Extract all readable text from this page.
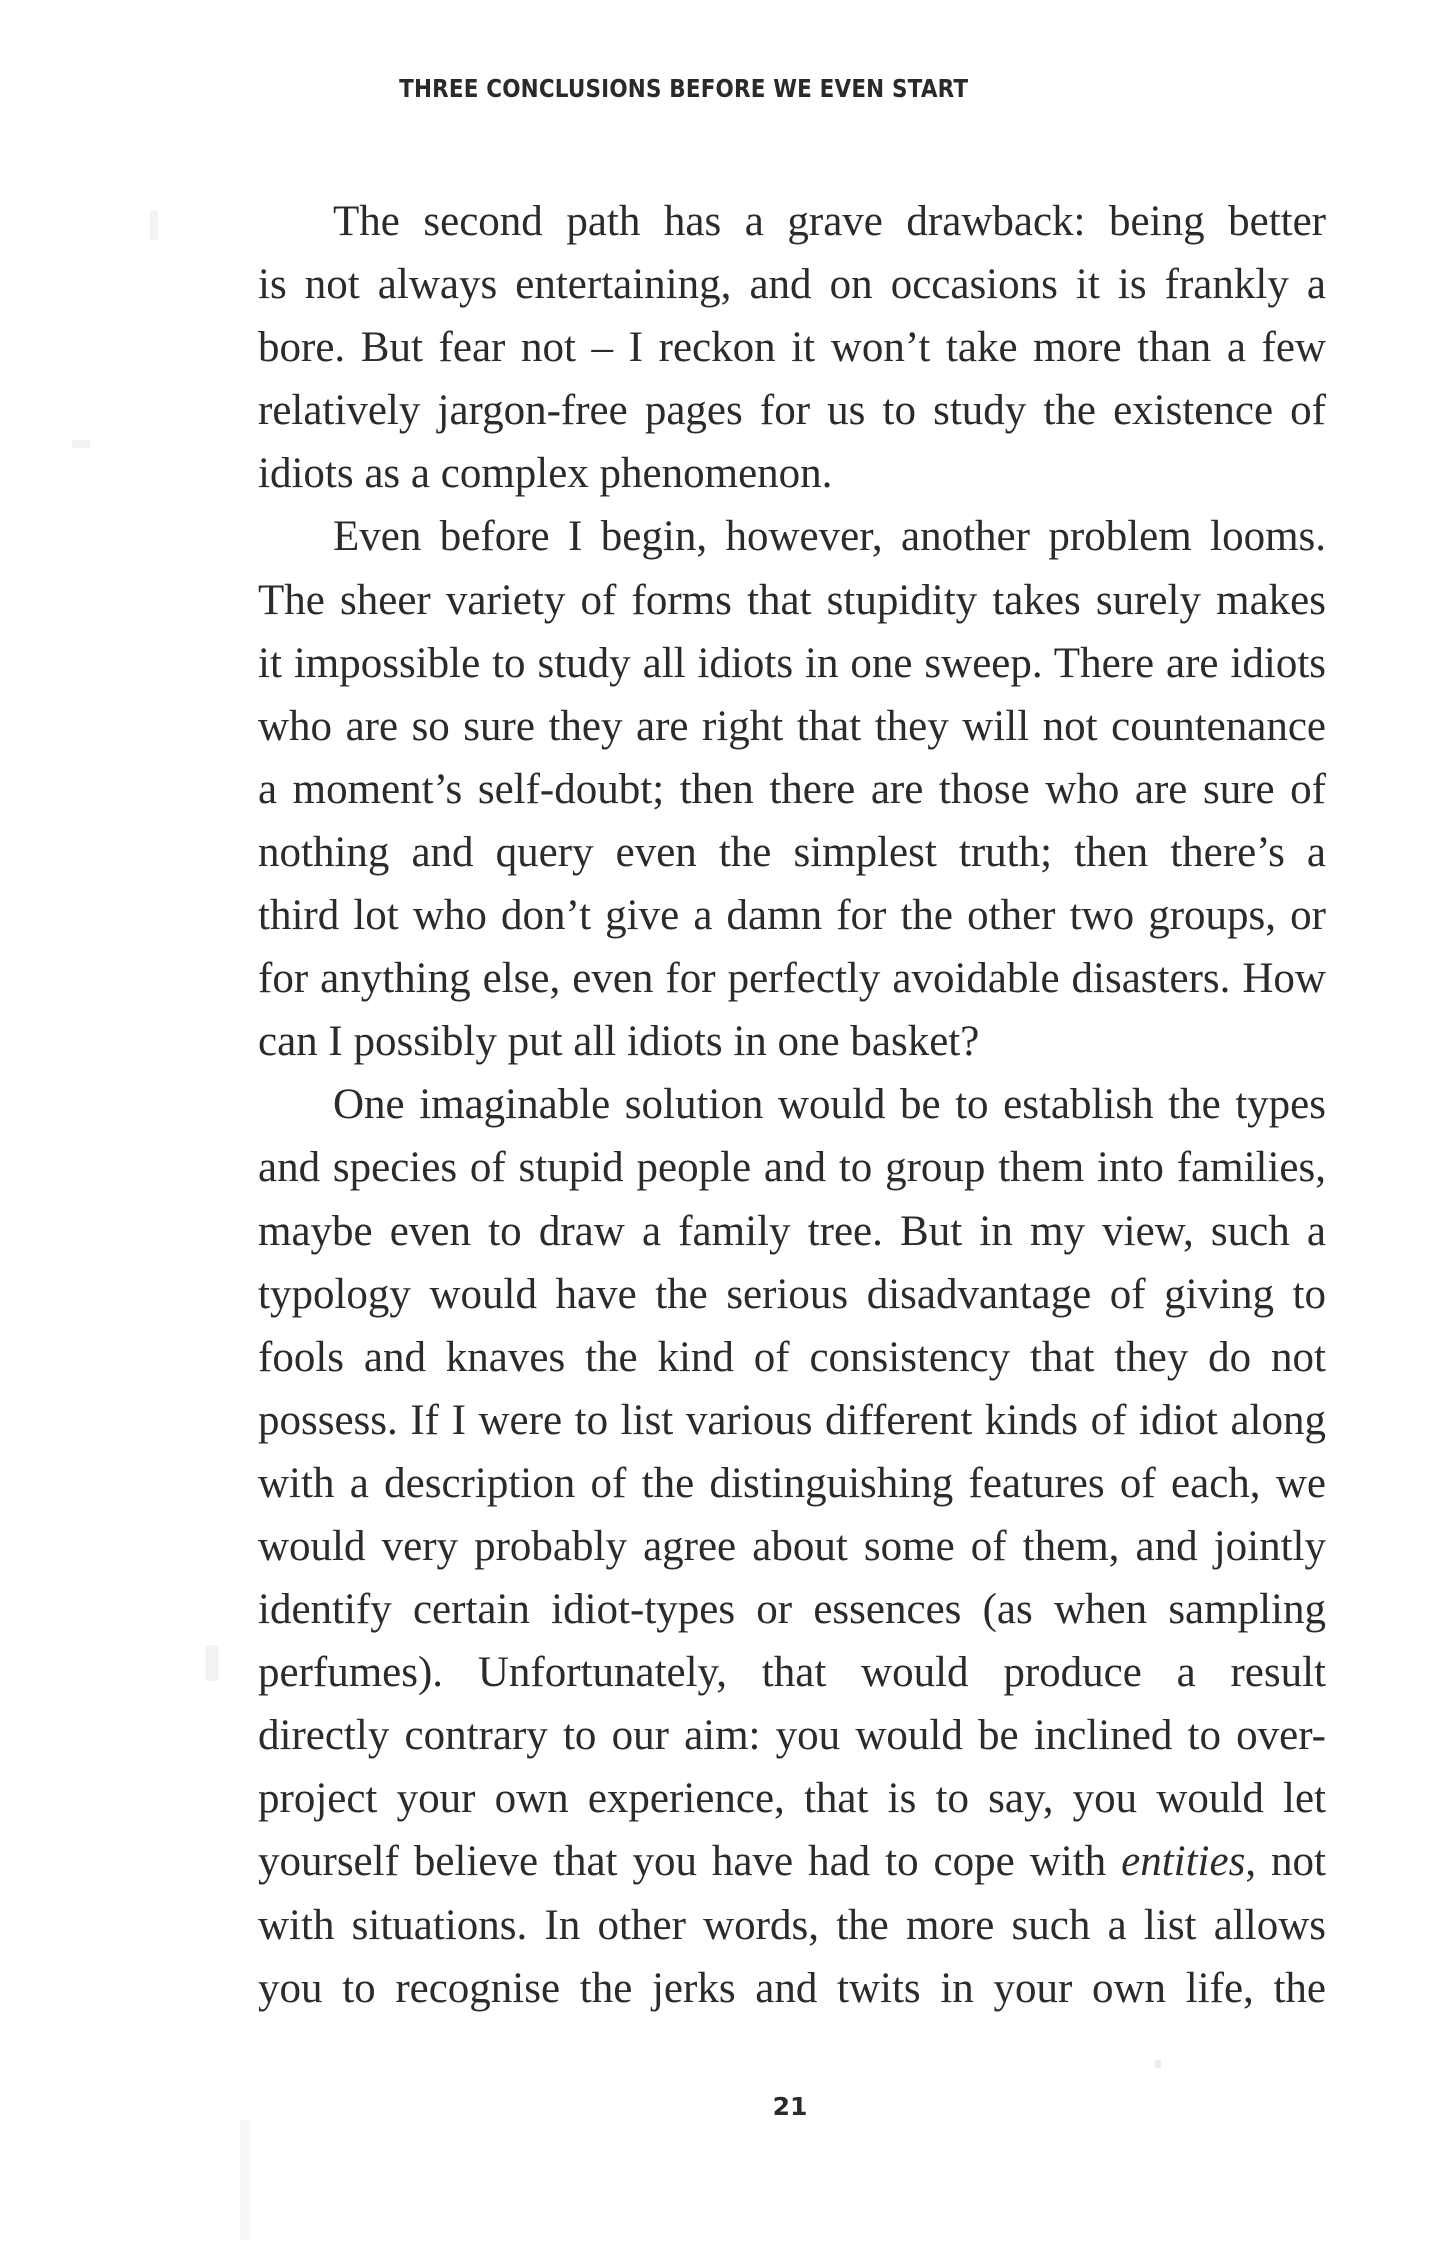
THREE CONCLUSIONS BEFORE WE EVEN START
The second path has a grave drawback: being better
is not always entertaining, and on occasions it is frankly a
bore. But fear not – I reckon it won’t take more than a few
relatively jargon-free pages for us to study the existence of
idiots as a complex phenomenon.
Even before I begin, however, another problem looms.
The sheer variety of forms that stupidity takes surely makes
it impossible to study all idiots in one sweep. There are idiots
who are so sure they are right that they will not countenance
a moment’s self-doubt; then there are those who are sure of
nothing and query even the simplest truth; then there’s a
third lot who don’t give a damn for the other two groups, or
for anything else, even for perfectly avoidable disasters. How
can I possibly put all idiots in one basket?
One imaginable solution would be to establish the types
and species of stupid people and to group them into families,
maybe even to draw a family tree. But in my view, such a
typology would have the serious disadvantage of giving to
fools and knaves the kind of consistency that they do not
possess. If I were to list various different kinds of idiot along
with a description of the distinguishing features of each, we
would very probably agree about some of them, and jointly
identify certain idiot-types or essences (as when sampling
perfumes). Unfortunately, that would produce a result
directly contrary to our aim: you would be inclined to over-
project your own experience, that is to say, you would let
yourself believe that you have had to cope with entities, not
with situations. In other words, the more such a list allows
you to recognise the jerks and twits in your own life, the
21
